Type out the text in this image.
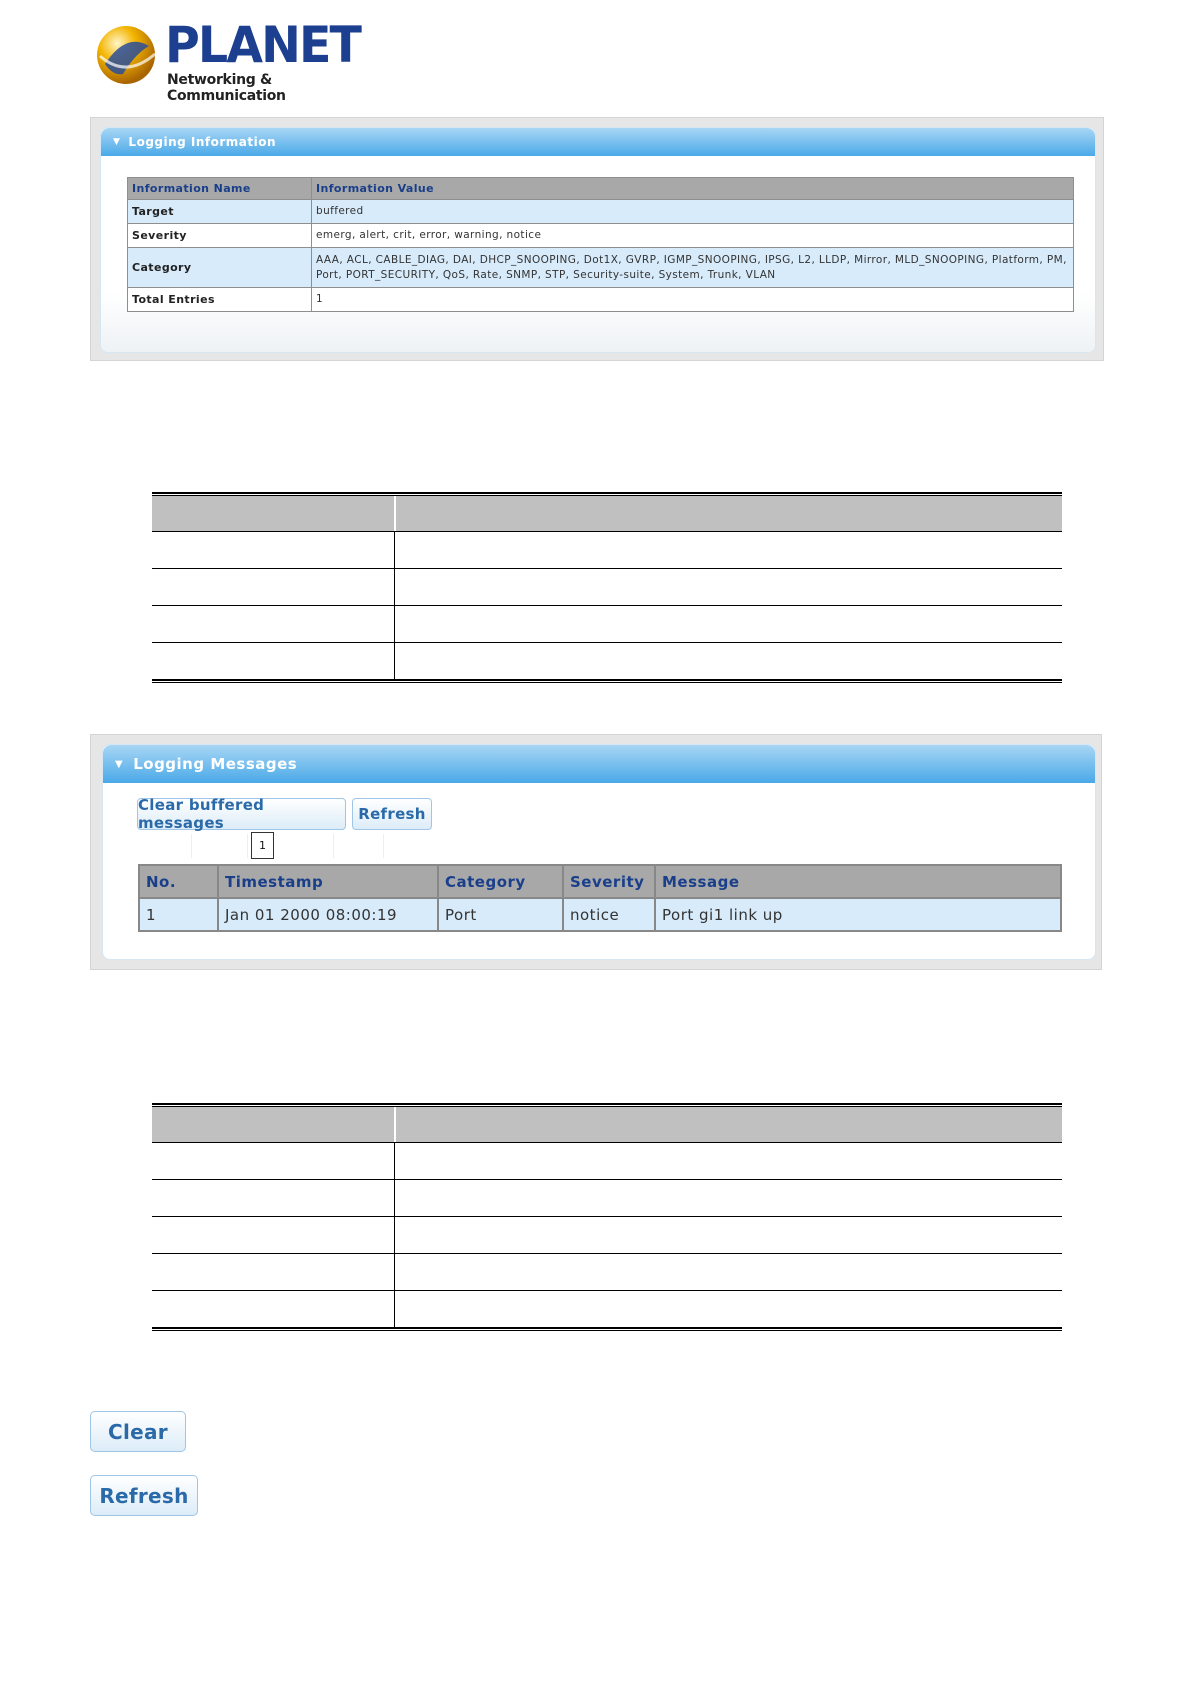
PLANET
Networking & Communication
▼ Logging Information
Information Name	Information Value
Target	buffered
Severity	emerg, alert, crit, error, warning, notice
Category	AAA, ACL, CABLE_DIAG, DAI, DHCP_SNOOPING, Dot1X, GVRP, IGMP_SNOOPING, IPSG, L2, LLDP, Mirror, MLD_SNOOPING, Platform, PM, Port, PORT_SECURITY, QoS, Rate, SNMP, STP, Security-suite, System, Trunk, VLAN
Total Entries	1
▼ Logging Messages
Clear buffered messages	Refresh
1
No.	Timestamp	Category	Severity	Message
1	Jan 01 2000 08:00:19	Port	notice	Port gi1 link up
Clear
Refresh
